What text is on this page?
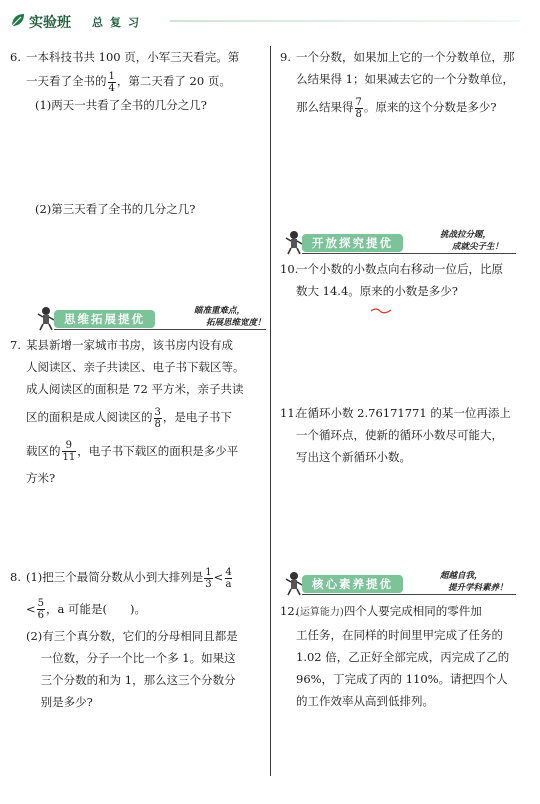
实验班 总复习

6. 一本科技书共 100 页，小军三天看完。第

一天看了全书的 $\frac{1}{4}$ ，第二天看了 20 页。

(1)两天一共看了全书的几分之几?

(2)第三天看了全书的几分之几?

思维拓展提优
瞄准重难点，
拓展思维宽度！

7. 某县新增一家城市书房，该书房内设有成

人阅读区、亲子共读区、电子书下载区等。

成人阅读区的面积是 72 平方米，亲子共读

区的面积是成人阅读区的 $\frac{3}{8}$ ，是电子书下

载区的 $\frac{9}{11}$ ，电子书下载区的面积是多少平

方米?

8. (1)把三个最简分数从小到大排列是 $\frac{1}{3} < \frac{4}{a}$

< $\frac{5}{6}$ ，a 可能是(　　)。

(2)有三个真分数，它们的分母相同且都是

一位数，分子一个比一个多 1。如果这

三个分数的和为 1，那么这三个分数分

别是多少?

9. 一个分数，如果加上它的一个分数单位，那

么结果得 1；如果减去它的一个分数单位，

那么结果得 $\frac{7}{8}$ 。原来的这个分数是多少?

开放探究提优
挑战拉分题，
成就尖子生！

10.一个小数的小数点向右移动一位后，比原

数大 14.4。原来的小数是多少?

11.在循环小数 2.76171771 的某一位再添上

一个循环点，使新的循环小数尽可能大，

写出这个新循环小数。

核心素养提优
超越自我，
提升学科素养！

12.(运算能力)四个人要完成相同的零件加

工任务，在同样的时间里甲完成了任务的

1.02 倍，乙正好全部完成，丙完成了乙的

96%，丁完成了丙的 110%。请把四个人

的工作效率从高到低排列。
